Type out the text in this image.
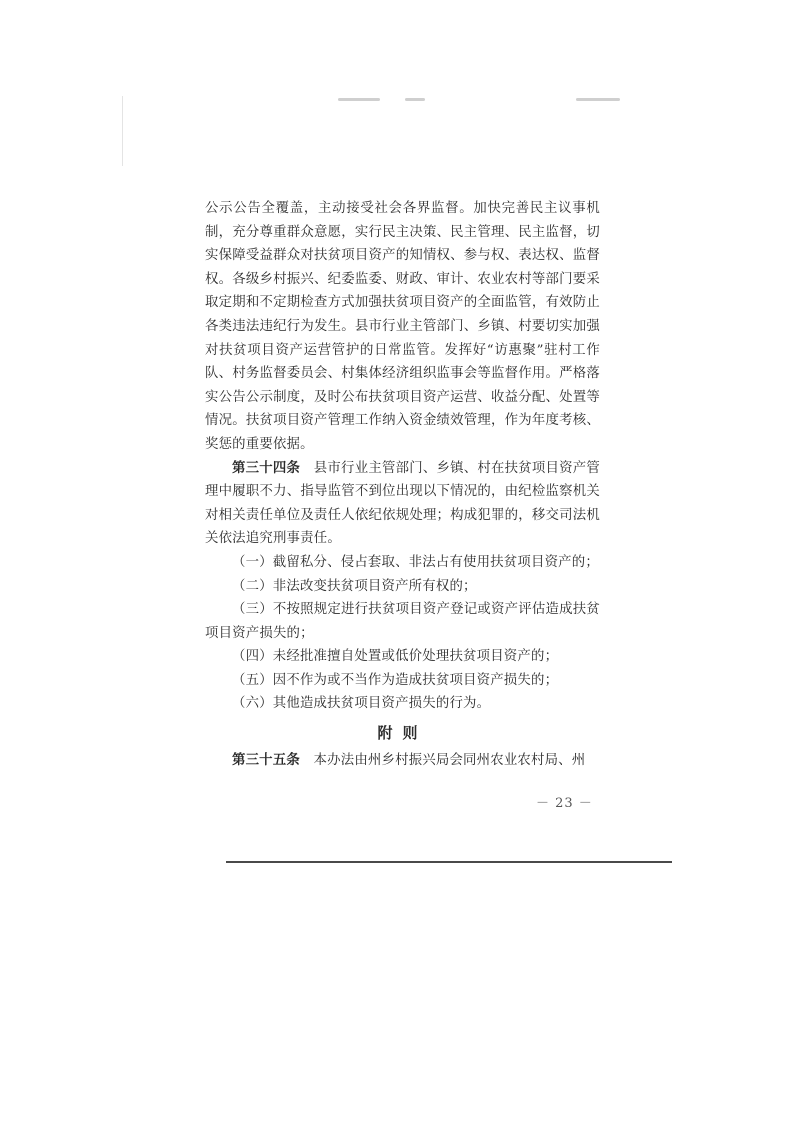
公示公告全覆盖，主动接受社会各界监督。加快完善民主议事机制，充分尊重群众意愿，实行民主决策、民主管理、民主监督，切实保障受益群众对扶贫项目资产的知情权、参与权、表达权、监督权。各级乡村振兴、纪委监委、财政、审计、农业农村等部门要采取定期和不定期检查方式加强扶贫项目资产的全面监管，有效防止各类违法违纪行为发生。县市行业主管部门、乡镇、村要切实加强对扶贫项目资产运营管护的日常监管。发挥好“访惠聚”驻村工作队、村务监督委员会、村集体经济组织监事会等监督作用。严格落实公告公示制度，及时公布扶贫项目资产运营、收益分配、处置等情况。扶贫项目资产管理工作纳入资金绩效管理，作为年度考核、奖惩的重要依据。

第三十四条　 县市行业主管部门、乡镇、村在扶贫项目资产管理中履职不力、指导监管不到位出现以下情况的，由纪检监察机关对相关责任单位及责任人依纪依规处理；构成犯罪的，移交司法机关依法追究刑事责任。

（一）截留私分、侵占套取、非法占有使用扶贫项目资产的；

（二）非法改变扶贫项目资产所有权的；

（三）不按照规定进行扶贫项目资产登记或资产评估造成扶贫项目资产损失的；

（四）未经批准擅自处置或低价处理扶贫项目资产的；

（五）因不作为或不当作为造成扶贫项目资产损失的；

（六）其他造成扶贫项目资产损失的行为。

附则

第三十五条　 本办法由州乡村振兴局会同州农业农村局、州

－ 23 －
